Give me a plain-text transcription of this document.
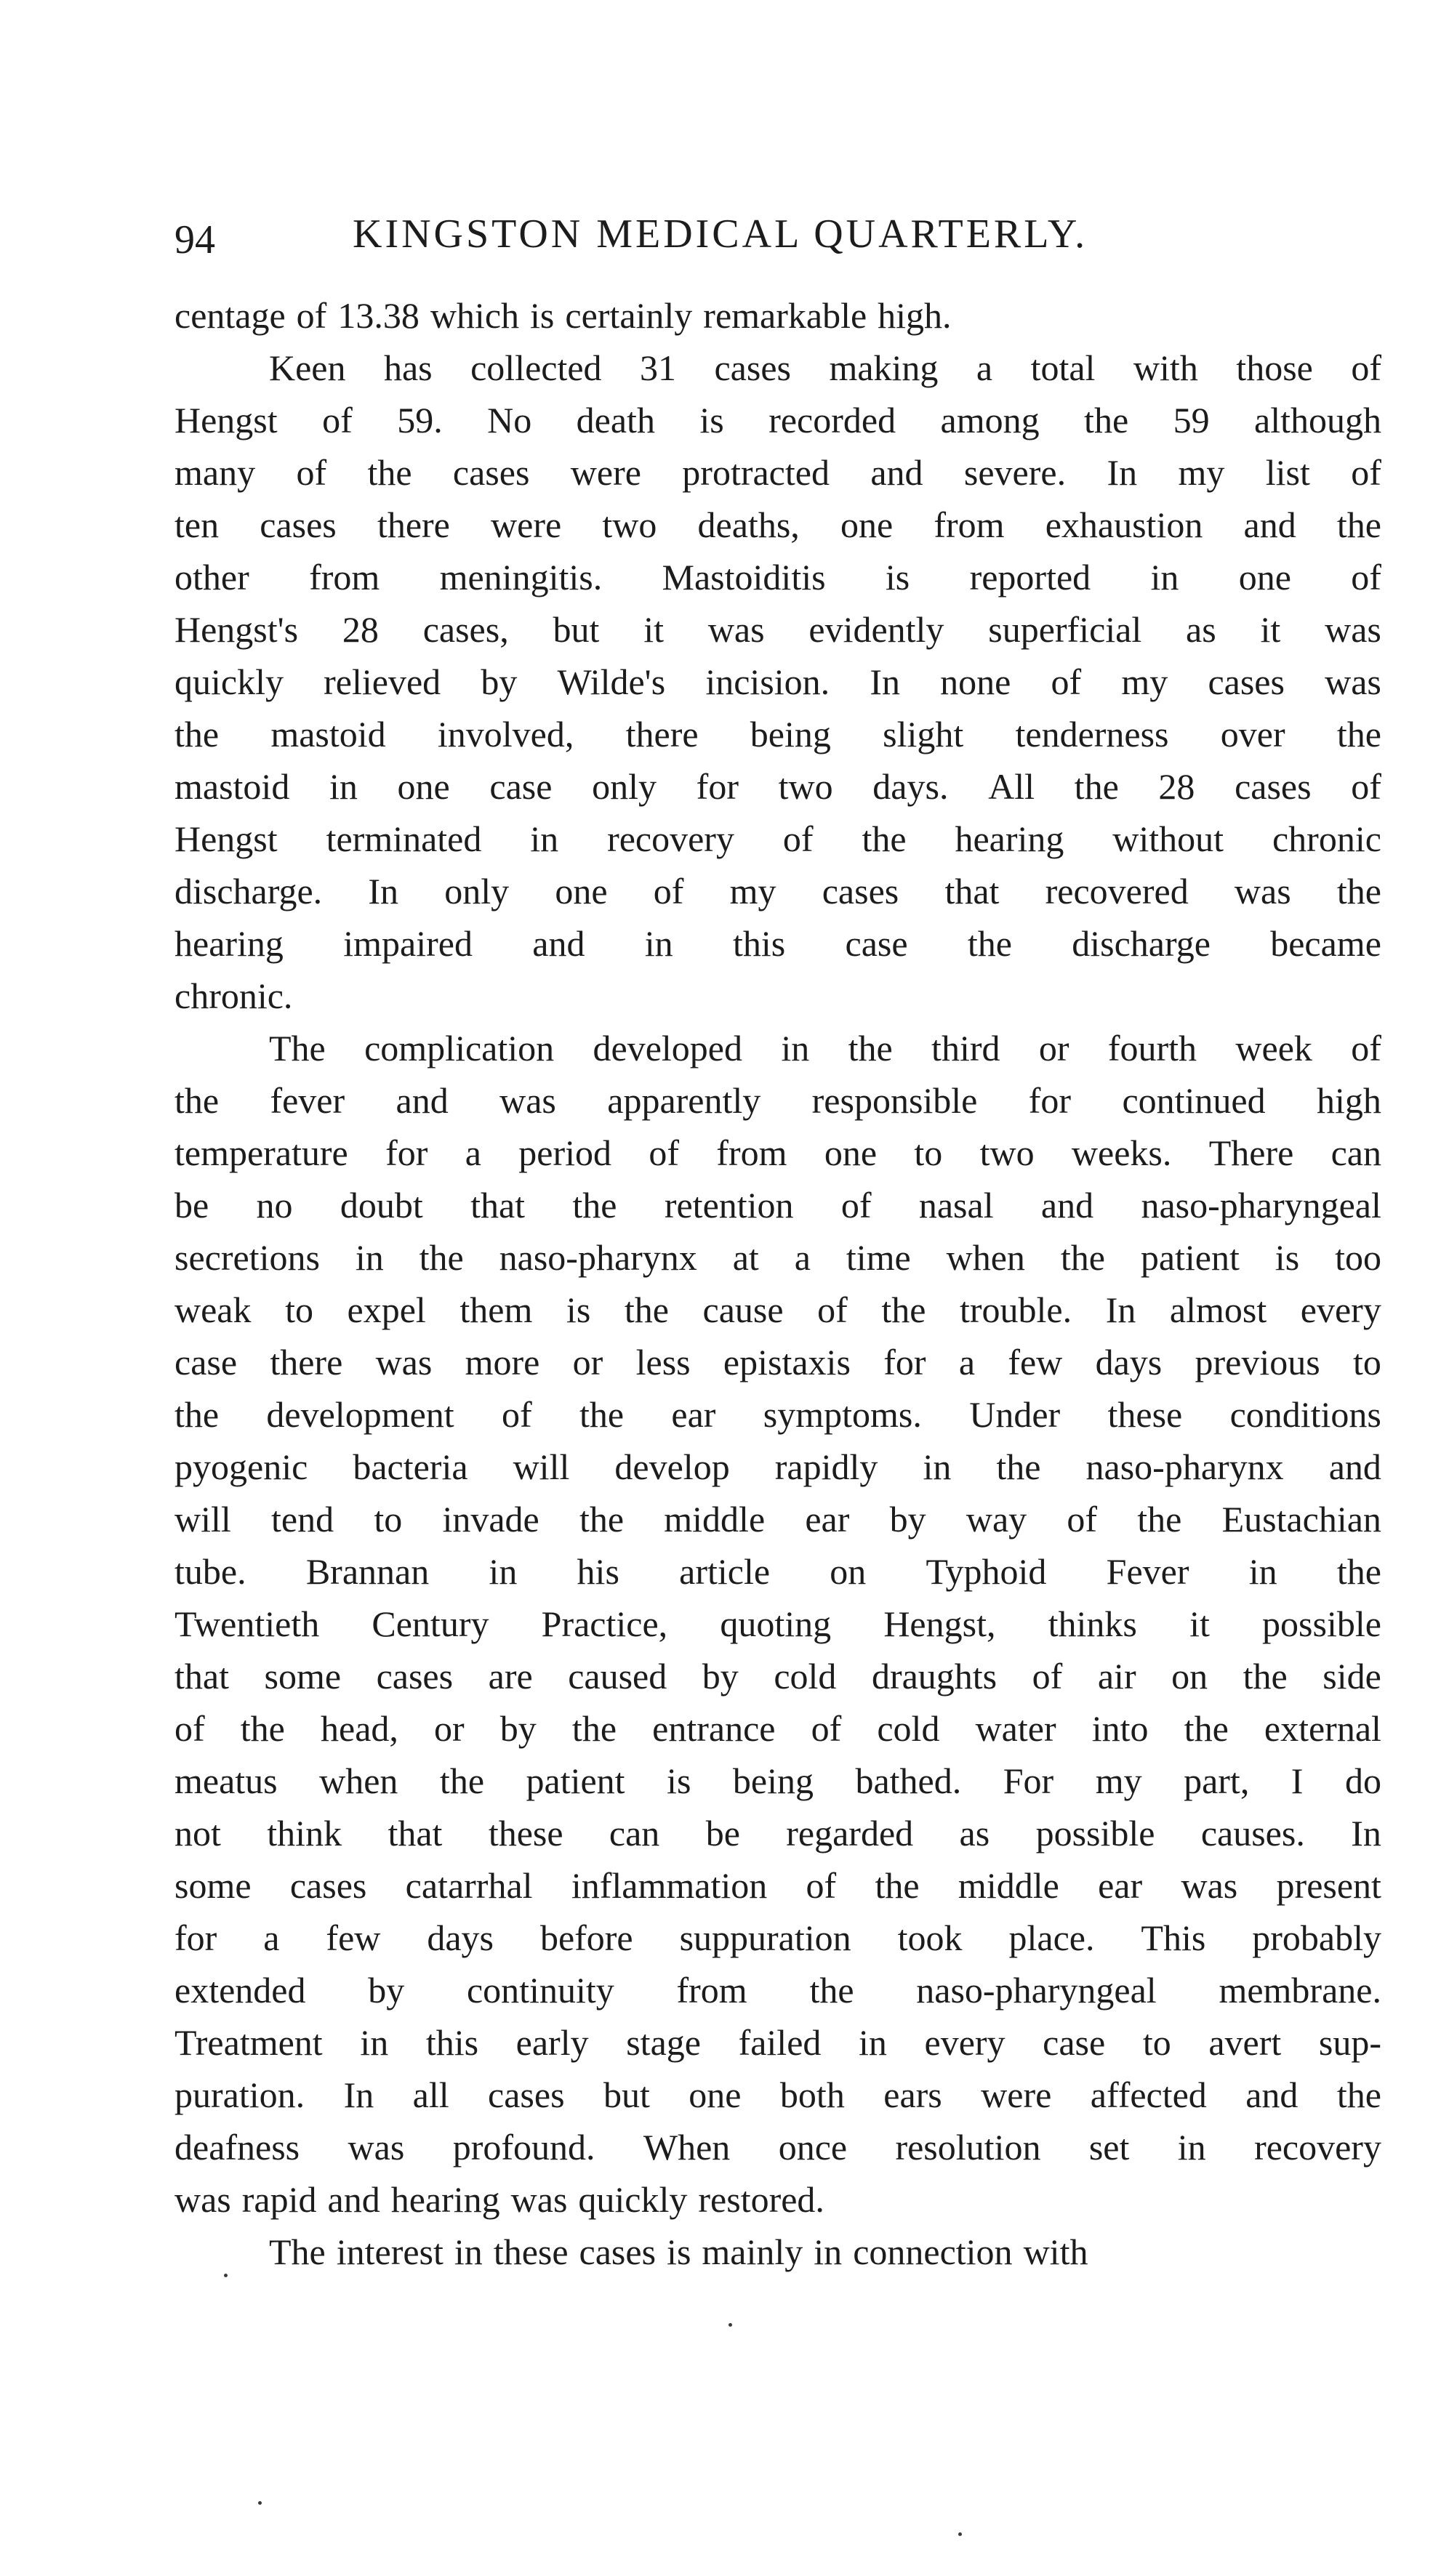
94	KINGSTON MEDICAL QUARTERLY.
centage of 13.38 which is certainly remarkable high.
Keen has collected 31 cases making a total with those of
Hengst of 59. No death is recorded among the 59 although
many of the cases were protracted and severe. In my list of
ten cases there were two deaths, one from exhaustion and the
other from meningitis. Mastoiditis is reported in one of
Hengst's 28 cases, but it was evidently superficial as it was
quickly relieved by Wilde's incision. In none of my cases was
the mastoid involved, there being slight tenderness over the
mastoid in one case only for two days. All the 28 cases of
Hengst terminated in recovery of the hearing without chronic
discharge. In only one of my cases that recovered was the
hearing impaired and in this case the discharge became
chronic.
The complication developed in the third or fourth week of
the fever and was apparently responsible for continued high
temperature for a period of from one to two weeks. There can
be no doubt that the retention of nasal and naso-pharyngeal
secretions in the naso-pharynx at a time when the patient is too
weak to expel them is the cause of the trouble. In almost every
case there was more or less epistaxis for a few days previous to
the development of the ear symptoms. Under these conditions
pyogenic bacteria will develop rapidly in the naso-pharynx and
will tend to invade the middle ear by way of the Eustachian
tube. Brannan in his article on Typhoid Fever in the
Twentieth Century Practice, quoting Hengst, thinks it possible
that some cases are caused by cold draughts of air on the side
of the head, or by the entrance of cold water into the external
meatus when the patient is being bathed. For my part, I do
not think that these can be regarded as possible causes. In
some cases catarrhal inflammation of the middle ear was present
for a few days before suppuration took place. This probably
extended by continuity from the naso-pharyngeal membrane.
Treatment in this early stage failed in every case to avert sup-
puration. In all cases but one both ears were affected and the
deafness was profound. When once resolution set in recovery
was rapid and hearing was quickly restored.
The interest in these cases is mainly in connection with
